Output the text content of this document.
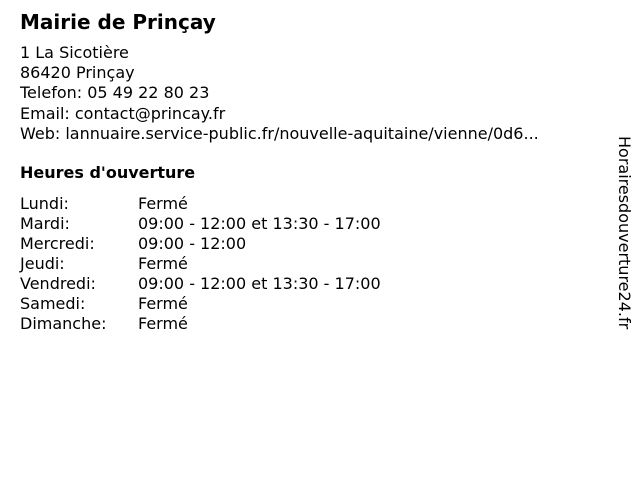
Mairie de Prinçay
1 La Sicotière
86420 Prinçay
Telefon: 05 49 22 80 23
Email: contact@princay.fr
Web: lannuaire.service-public.fr/nouvelle-aquitaine/vienne/0d6...
Heures d'ouverture
Lundi:	Fermé
Mardi:	09:00 - 12:00 et 13:30 - 17:00
Mercredi:	09:00 - 12:00
Jeudi:	Fermé
Vendredi:	09:00 - 12:00 et 13:30 - 17:00
Samedi:	Fermé
Dimanche: Fermé	Horairesdouverture24.fr
